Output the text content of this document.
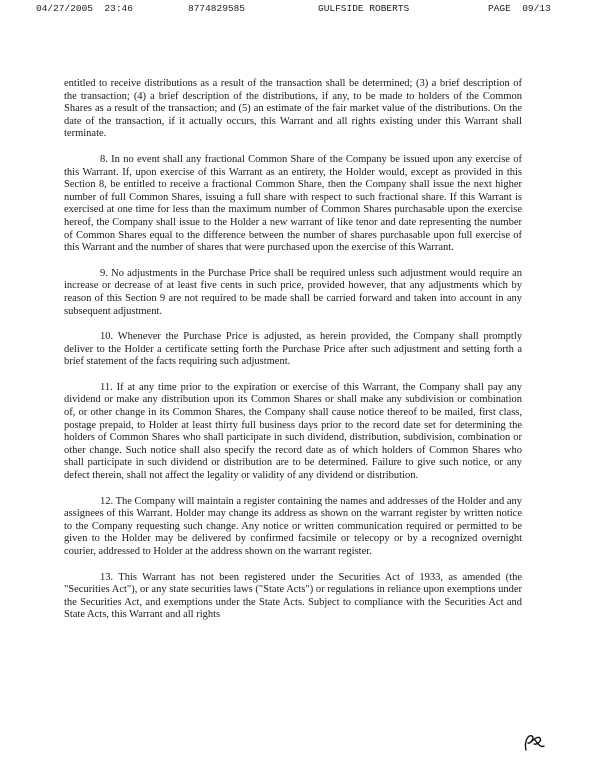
04/27/2005  23:46	8774829585	GULFSIDE ROBERTS	PAGE  09/13

entitled to receive distributions as a result of the transaction shall be determined; (3) a brief description of the transaction; (4) a brief description of the distributions, if any, to be made to holders of the Common Shares as a result of the transaction; and (5) an estimate of the fair market value of the distributions. On the date of the transaction, if it actually occurs, this Warrant and all rights existing under this Warrant shall terminate.

8. In no event shall any fractional Common Share of the Company be issued upon any exercise of this Warrant. If, upon exercise of this Warrant as an entirety, the Holder would, except as provided in this Section 8, be entitled to receive a fractional Common Share, then the Company shall issue the next higher number of full Common Shares, issuing a full share with respect to such fractional share. If this Warrant is exercised at one time for less than the maximum number of Common Shares purchasable upon the exercise hereof, the Company shall issue to the Holder a new warrant of like tenor and date representing the number of Common Shares equal to the difference between the number of shares purchasable upon full exercise of this Warrant and the number of shares that were purchased upon the exercise of this Warrant.

9. No adjustments in the Purchase Price shall be required unless such adjustment would require an increase or decrease of at least five cents in such price, provided however, that any adjustments which by reason of this Section 9 are not required to be made shall be carried forward and taken into account in any subsequent adjustment.

10. Whenever the Purchase Price is adjusted, as herein provided, the Company shall promptly deliver to the Holder a certificate setting forth the Purchase Price after such adjustment and setting forth a brief statement of the facts requiring such adjustment.

11. If at any time prior to the expiration or exercise of this Warrant, the Company shall pay any dividend or make any distribution upon its Common Shares or shall make any subdivision or combination of, or other change in its Common Shares, the Company shall cause notice thereof to be mailed, first class, postage prepaid, to Holder at least thirty full business days prior to the record date set for determining the holders of Common Shares who shall participate in such dividend, distribution, subdivision, combination or other change. Such notice shall also specify the record date as of which holders of Common Shares who shall participate in such dividend or distribution are to be determined. Failure to give such notice, or any defect therein, shall not affect the legality or validity of any dividend or distribution.

12. The Company will maintain a register containing the names and addresses of the Holder and any assignees of this Warrant. Holder may change its address as shown on the warrant register by written notice to the Company requesting such change. Any notice or written communication required or permitted to be given to the Holder may be delivered by confirmed facsimile or telecopy or by a recognized overnight courier, addressed to Holder at the address shown on the warrant register.

13. This Warrant has not been registered under the Securities Act of 1933, as amended (the "Securities Act"), or any state securities laws ("State Acts") or regulations in reliance upon exemptions under the Securities Act, and exemptions under the State Acts. Subject to compliance with the Securities Act and State Acts, this Warrant and all rights
